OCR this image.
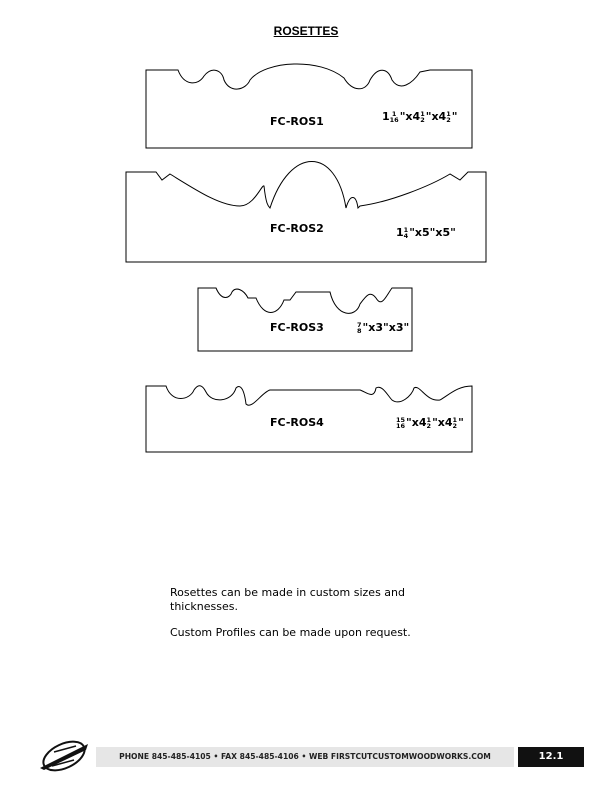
ROSETTES
FC-ROS1	1 1
16 "x4 1
2 "x4 1
2 "
FC-ROS2	1 1
4 "x5"x5"
FC-ROS3	7
8 "x3"x3"
FC-ROS4	15
16 "x4 1
2 "x4 1
2 "

Rosettes can be made in custom sizes and thicknesses.

Custom Profiles can be made upon request.

PHONE 845-485-4105 • FAX 845-485-4106 • WEB FIRSTCUTCUSTOMWOODWORKS.COM	12.1
